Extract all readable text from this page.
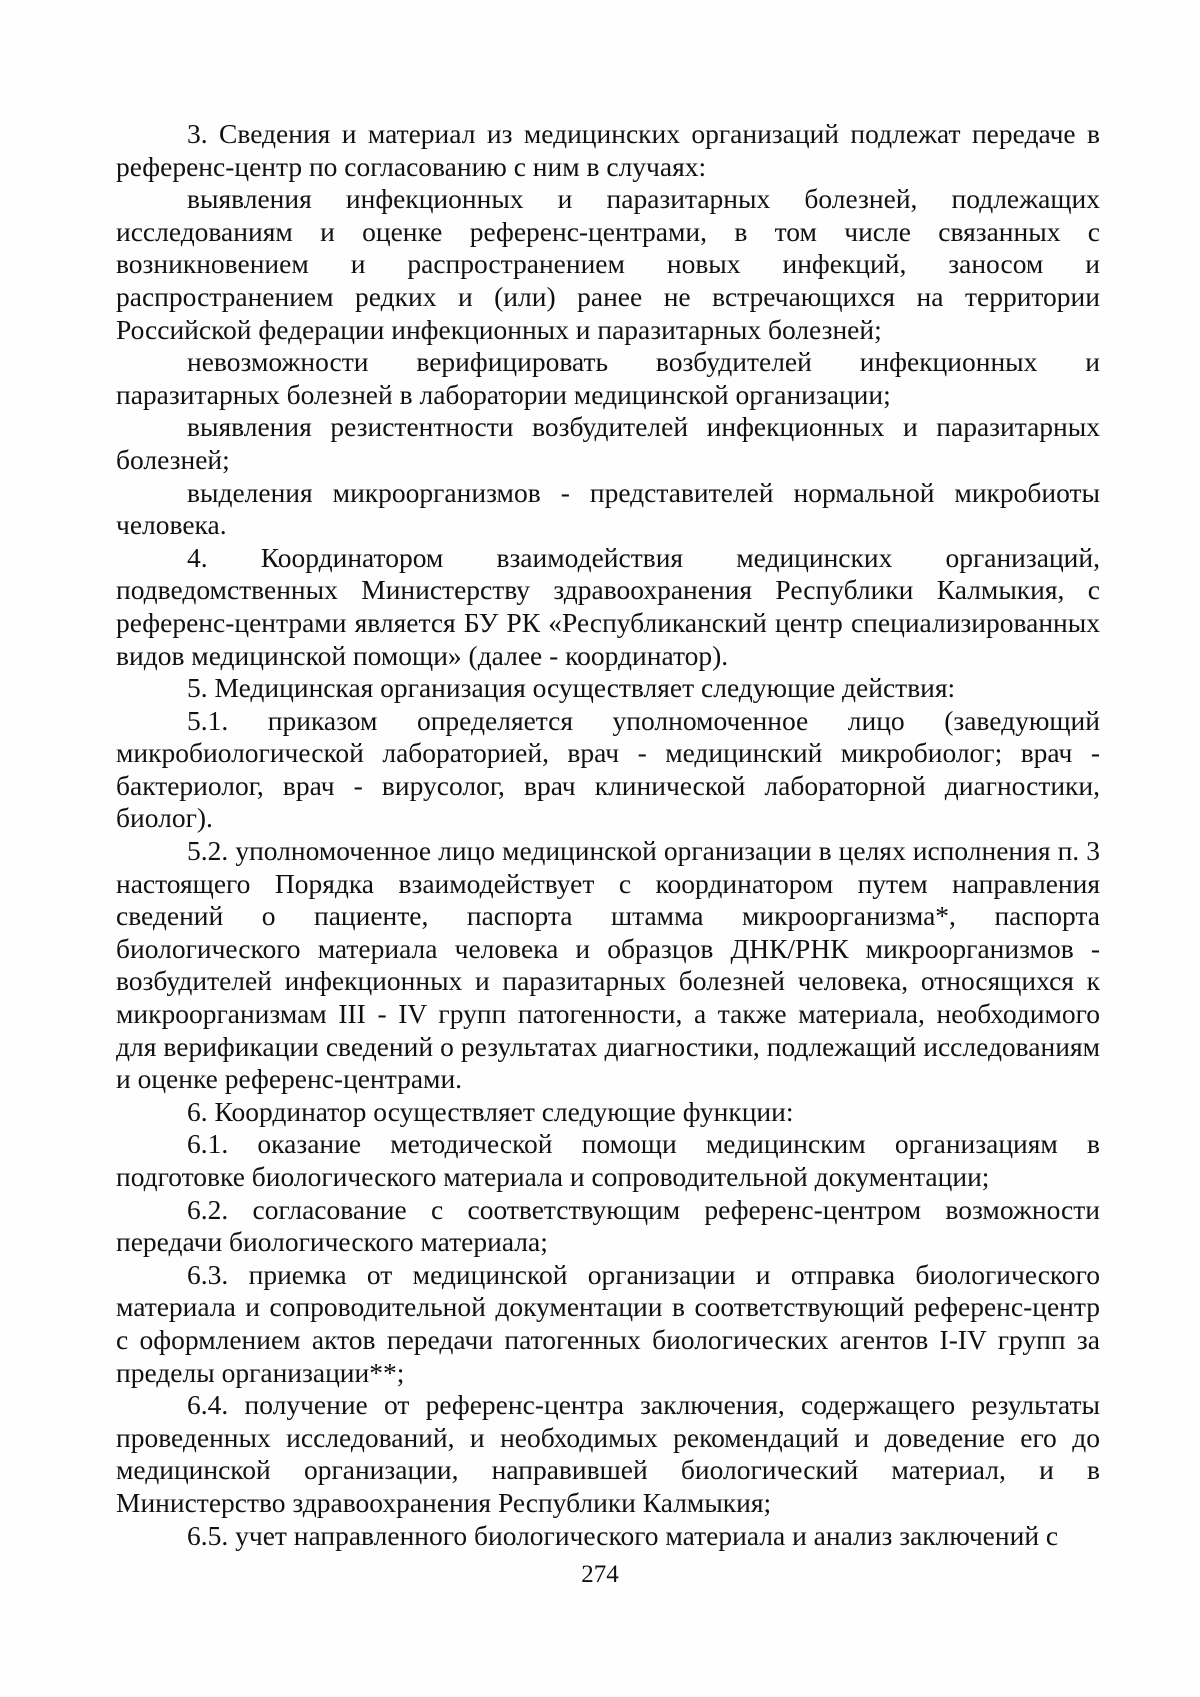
3. Сведения и материал из медицинских организаций подлежат передаче в референс-центр по согласованию с ним в случаях:

выявления инфекционных и паразитарных болезней, подлежащих исследованиям и оценке референс-центрами, в том числе связанных с возникновением и распространением новых инфекций, заносом и распространением редких и (или) ранее не встречающихся на территории Российской федерации инфекционных и паразитарных болезней;

невозможности верифицировать возбудителей инфекционных и паразитарных болезней в лаборатории медицинской организации;

выявления резистентности возбудителей инфекционных и паразитарных болезней;

выделения микроорганизмов - представителей нормальной микробиоты человека.

4. Координатором взаимодействия медицинских организаций, подведомственных Министерству здравоохранения Республики Калмыкия, с референс-центрами является БУ РК «Республиканский центр специализированных видов медицинской помощи» (далее - координатор).

5. Медицинская организация осуществляет следующие действия:

5.1. приказом определяется уполномоченное лицо (заведующий микробиологической лабораторией, врач - медицинский микробиолог; врач - бактериолог, врач - вирусолог, врач клинической лабораторной диагностики, биолог).

5.2. уполномоченное лицо медицинской организации в целях исполнения п. 3 настоящего Порядка взаимодействует с координатором путем направления сведений о пациенте, паспорта штамма микроорганизма*, паспорта биологического материала человека и образцов ДНК/РНК микроорганизмов - возбудителей инфекционных и паразитарных болезней человека, относящихся к микроорганизмам III - IV групп патогенности, а также материала, необходимого для верификации сведений о результатах диагностики, подлежащий исследованиям и оценке референс-центрами.

6. Координатор осуществляет следующие функции:

6.1. оказание методической помощи медицинским организациям в подготовке биологического материала и сопроводительной документации;

6.2. согласование с соответствующим референс-центром возможности передачи биологического материала;

6.3. приемка от медицинской организации и отправка биологического материала и сопроводительной документации в соответствующий референс-центр с оформлением актов передачи патогенных биологических агентов I-IV групп за пределы организации**;

6.4. получение от референс-центра заключения, содержащего результаты проведенных исследований, и необходимых рекомендаций и доведение его до медицинской организации, направившей биологический материал, и в Министерство здравоохранения Республики Калмыкия;

6.5. учет направленного биологического материала и анализ заключений с

274
